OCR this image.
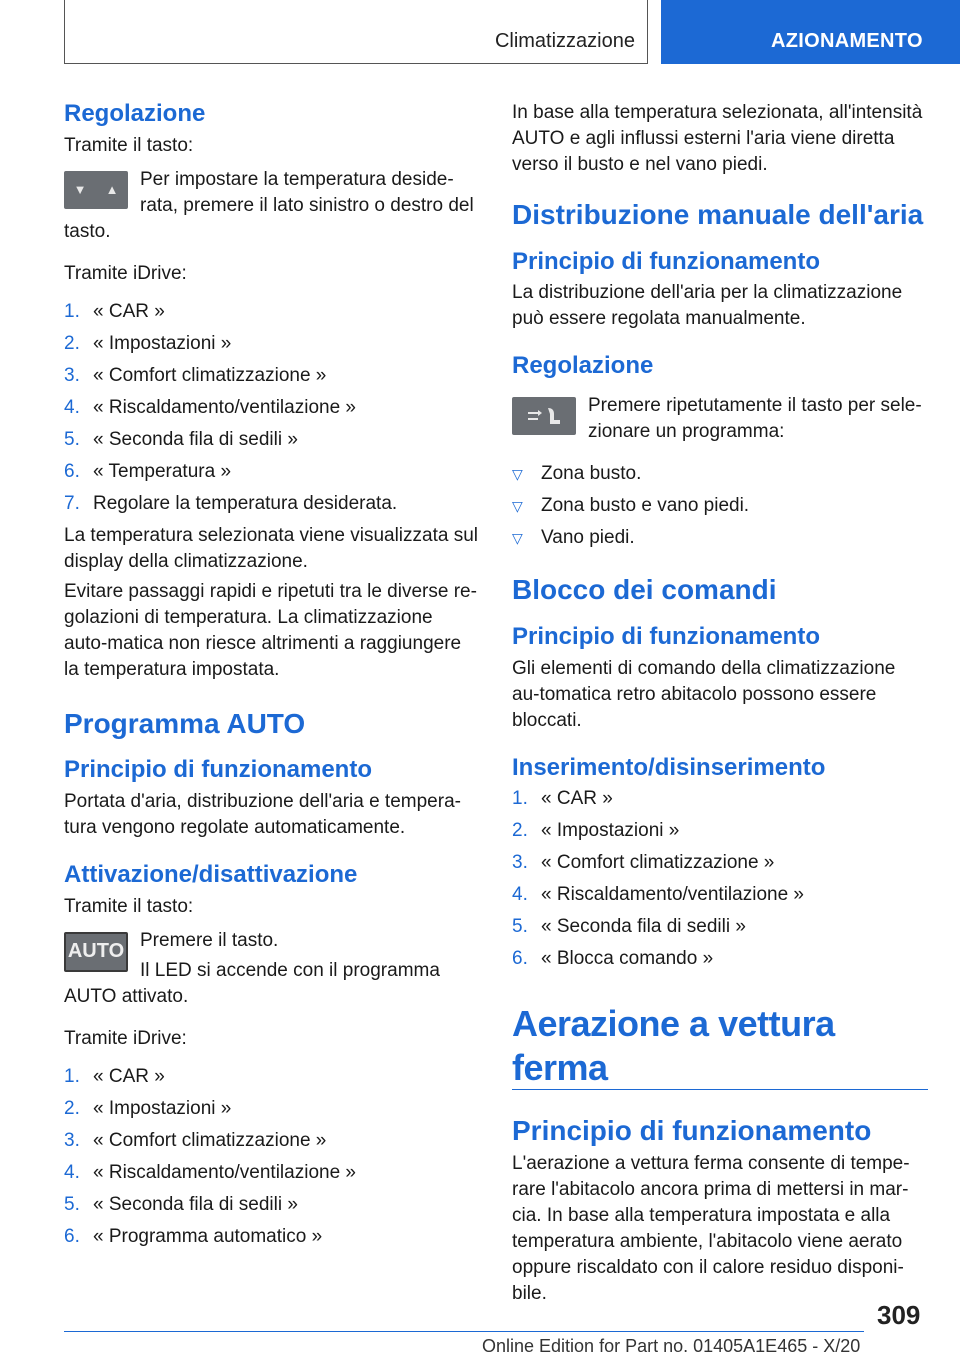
Climatizzazione	AZIONAMENTO
Regolazione

Tramite il tasto:

▼ ▲	Per impostare la temperatura deside-rata, premere il lato sinistro o destro del tasto.

Tramite iDrive:

1. « CAR »
2. « Impostazioni »
3. « Comfort climatizzazione »
4. « Riscaldamento/ventilazione »
5. « Seconda fila di sedili »
6. « Temperatura »
7. Regolare la temperatura desiderata.

La temperatura selezionata viene visualizzata sul display della climatizzazione.

Evitare passaggi rapidi e ripetuti tra le diverse re-golazioni di temperatura. La climatizzazione auto-matica non riesce altrimenti a raggiungere la temperatura impostata.

Programma AUTO
Principio di funzionamento

Portata d'aria, distribuzione dell'aria e tempera-tura vengono regolate automaticamente.

Attivazione/disattivazione

Tramite il tasto:

AUTO Premere il tasto.

Il LED si accende con il programma AUTO attivato.

Tramite iDrive:

1. « CAR »
2. « Impostazioni »
3. « Comfort climatizzazione »
4. « Riscaldamento/ventilazione »
5. « Seconda fila di sedili »
6. « Programma automatico »

In base alla temperatura selezionata, all'intensità AUTO e agli influssi esterni l'aria viene diretta verso il busto e nel vano piedi.

Distribuzione manuale dell'aria
Principio di funzionamento

La distribuzione dell'aria per la climatizzazione può essere regolata manualmente.

Regolazione

Premere ripetutamente il tasto per sele-zionare un programma:

▽ Zona busto.
▽ Zona busto e vano piedi.
▽ Vano piedi.
Blocco dei comandi
Principio di funzionamento

Gli elementi di comando della climatizzazione au-tomatica retro abitacolo possono essere bloccati.

Inserimento/disinserimento
1. « CAR »
2. « Impostazioni »
3. « Comfort climatizzazione »
4. « Riscaldamento/ventilazione »
5. « Seconda fila di sedili »
6. « Blocca comando »
Aerazione a vettura ferma
Principio di funzionamento

L'aerazione a vettura ferma consente di tempe-rare l'abitacolo ancora prima di mettersi in mar-cia. In base alla temperatura impostata e alla temperatura ambiente, l'abitacolo viene aerato oppure riscaldato con il calore residuo disponi-bile.

309
Online Edition for Part no. 01405A1E465 - X/20
